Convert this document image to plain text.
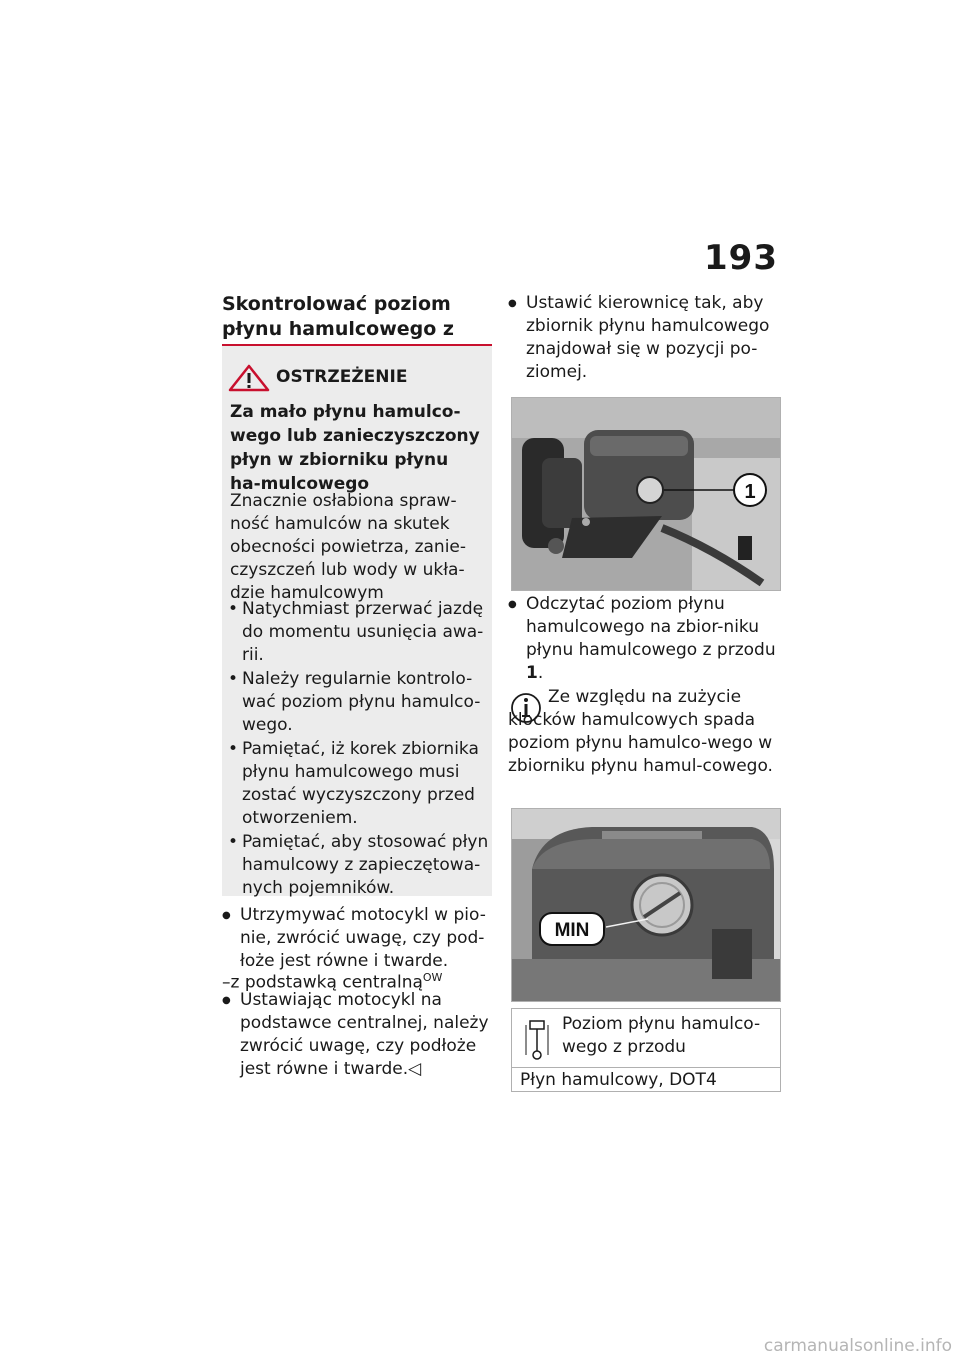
193
Skontrolować poziom płynu hamulcowego z
OSTRZEŻENIE
Za mało płynu hamulco-wego lub zanieczyszczony płyn w zbiorniku płynu ha-mulcowego
Znacznie osłabiona spraw-ność hamulców na skutek obecności powietrza, zanie-czyszczeń lub wody w ukła-dzie hamulcowym
• Natychmiast przerwać jazdę do momentu usunięcia awa-rii.
• Należy regularnie kontrolo-wać poziom płynu hamulco-wego.
• Pamiętać, iż korek zbiornika płynu hamulcowego musi zostać wyczyszczony przed otworzeniem.
• Pamiętać, aby stosować płyn hamulcowy z zapieczętowa-nych pojemników.
● Utrzymywać motocykl w pio-nie, zwrócić uwagę, czy pod-łoże jest równe i twarde.
–z podstawką centralną$^{OW}$
● Ustawiając motocykl na podstawce centralnej, należy zwrócić uwagę, czy podłoże jest równe i twarde.◁
● Ustawić kierownicę tak, aby zbiornik płynu hamulcowego znajdował się w pozycji po-ziomej.
1
● Odczytać poziom płynu hamulcowego na zbior-niku płynu hamulcowego z przodu 1.
Ze względu na zużycie klocków hamulcowych spada poziom płynu hamulco-wego w zbiorniku płynu hamul-cowego.
MIN
Poziom płynu hamulco-wego z przodu
Płyn hamulcowy, DOT4
carmanualsonline.info
